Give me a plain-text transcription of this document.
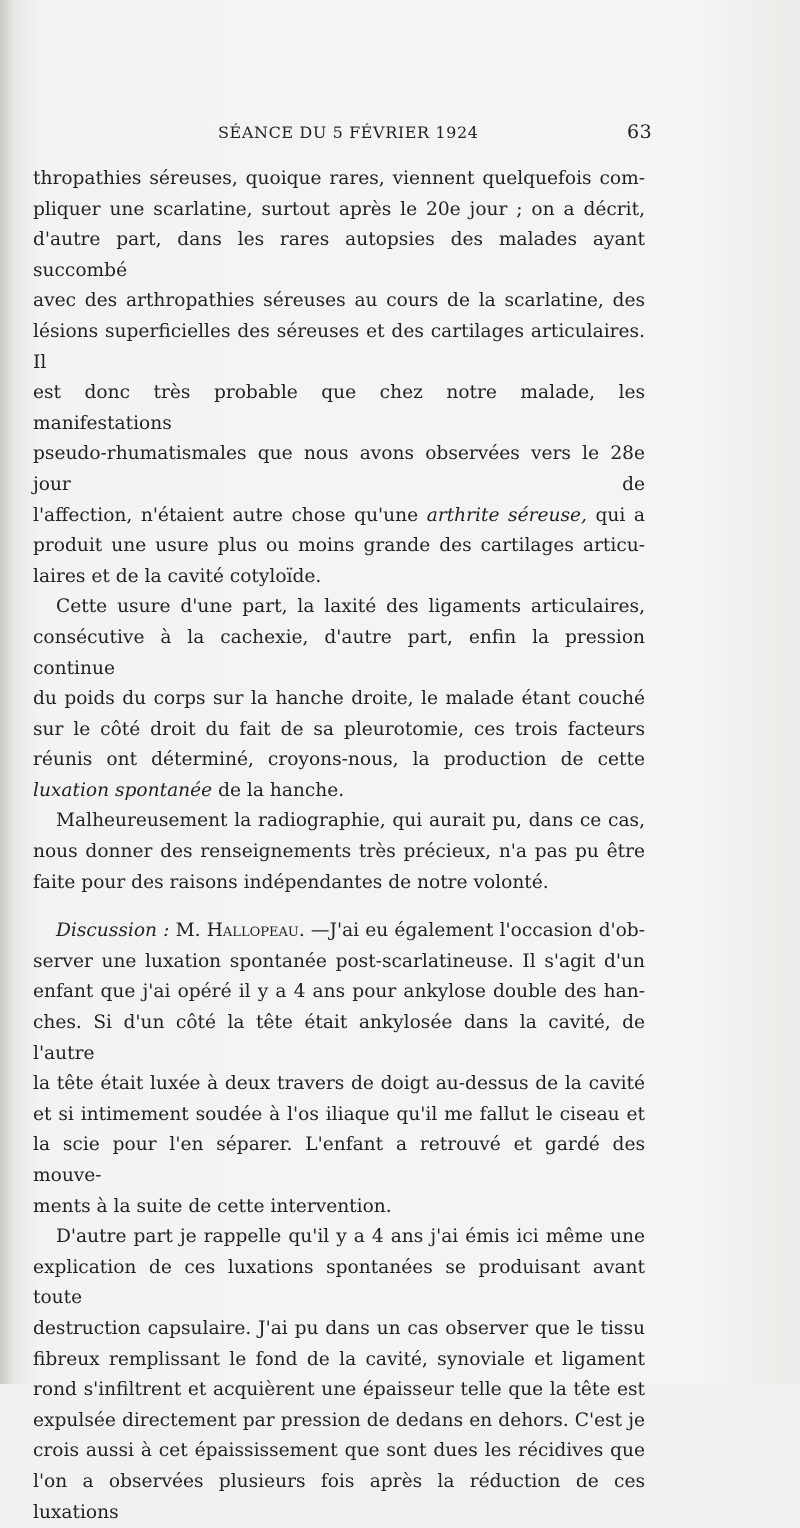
SÉANCE DU 5 FÉVRIER 1924	63

thropathies séreuses, quoique rares, viennent quelquefois com-

pliquer une scarlatine, surtout après le 20e jour ; on a décrit,

d'autre part, dans les rares autopsies des malades ayant succombé

avec des arthropathies séreuses au cours de la scarlatine, des

lésions superficielles des séreuses et des cartilages articulaires. Il

est donc très probable que chez notre malade, les manifestations

pseudo-rhumatismales que nous avons observées vers le 28e jour de

l'affection, n'étaient autre chose qu'une arthrite séreuse, qui a

produit une usure plus ou moins grande des cartilages articu-

laires et de la cavité cotyloïde.

Cette usure d'une part, la laxité des ligaments articulaires,

consécutive à la cachexie, d'autre part, enfin la pression continue

du poids du corps sur la hanche droite, le malade étant couché

sur le côté droit du fait de sa pleurotomie, ces trois facteurs

réunis ont déterminé, croyons-nous, la production de cette

luxation spontanée de la hanche.

Malheureusement la radiographie, qui aurait pu, dans ce cas,

nous donner des renseignements très précieux, n'a pas pu être

faite pour des raisons indépendantes de notre volonté.

Discussion : M. Hallopeau. —J'ai eu également l'occasion d'ob-

server une luxation spontanée post-scarlatineuse. Il s'agit d'un

enfant que j'ai opéré il y a 4 ans pour ankylose double des han-

ches. Si d'un côté la tête était ankylosée dans la cavité, de l'autre

la tête était luxée à deux travers de doigt au-dessus de la cavité

et si intimement soudée à l'os iliaque qu'il me fallut le ciseau et

la scie pour l'en séparer. L'enfant a retrouvé et gardé des mouve-

ments à la suite de cette intervention.

D'autre part je rappelle qu'il y a 4 ans j'ai émis ici même une

explication de ces luxations spontanées se produisant avant toute

destruction capsulaire. J'ai pu dans un cas observer que le tissu

fibreux remplissant le fond de la cavité, synoviale et ligament

rond s'infiltrent et acquièrent une épaisseur telle que la tête est

expulsée directement par pression de dedans en dehors. C'est je

crois aussi à cet épaississement que sont dues les récidives que

l'on a observées plusieurs fois après la réduction de ces luxations
